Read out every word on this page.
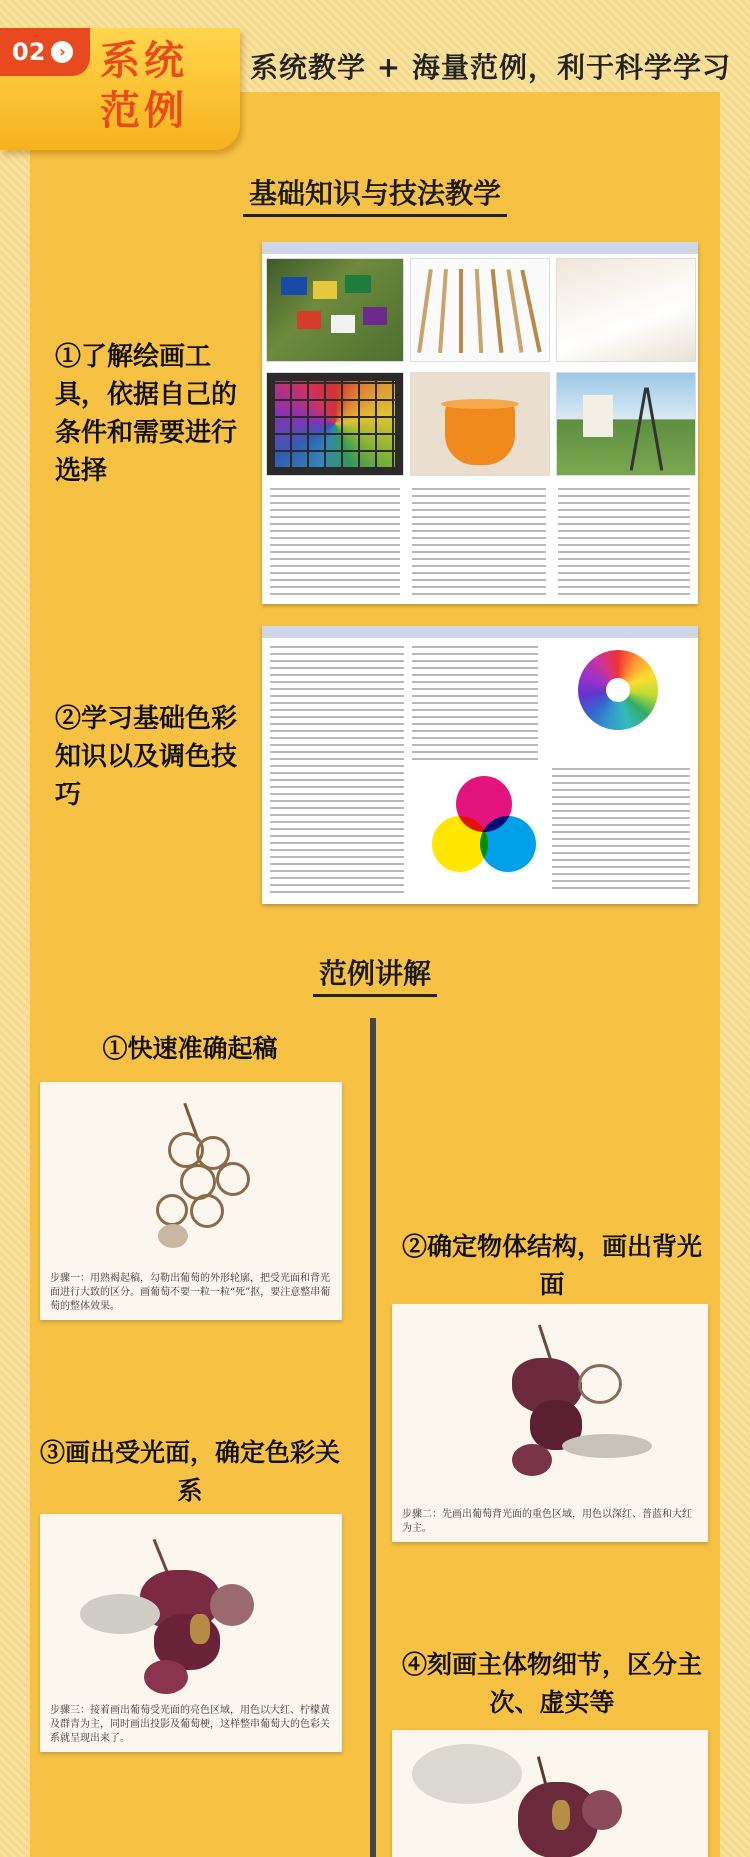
02 › 系统范例
系统教学 + 海量范例，利于科学学习
基础知识与技法教学
①了解绘画工具，依据自己的条件和需要进行选择
②学习基础色彩知识以及调色技巧
范例讲解
①快速准确起稿
步骤一：用熟褐起稿，勾勒出葡萄的外形轮廓，把受光面和背光面进行大致的区分。画葡萄不要一粒一粒“死”抠，要注意整串葡萄的整体效果。
②确定物体结构，画出背光面
步骤二：先画出葡萄背光面的重色区域，用色以深红、普蓝和大红为主。
③画出受光面，确定色彩关系
步骤三：接着画出葡萄受光面的亮色区域，用色以大红、柠檬黄及群青为主，同时画出投影及葡萄梗，这样整串葡萄大的色彩关系就呈现出来了。
④刻画主体物细节，区分主次、虚实等
